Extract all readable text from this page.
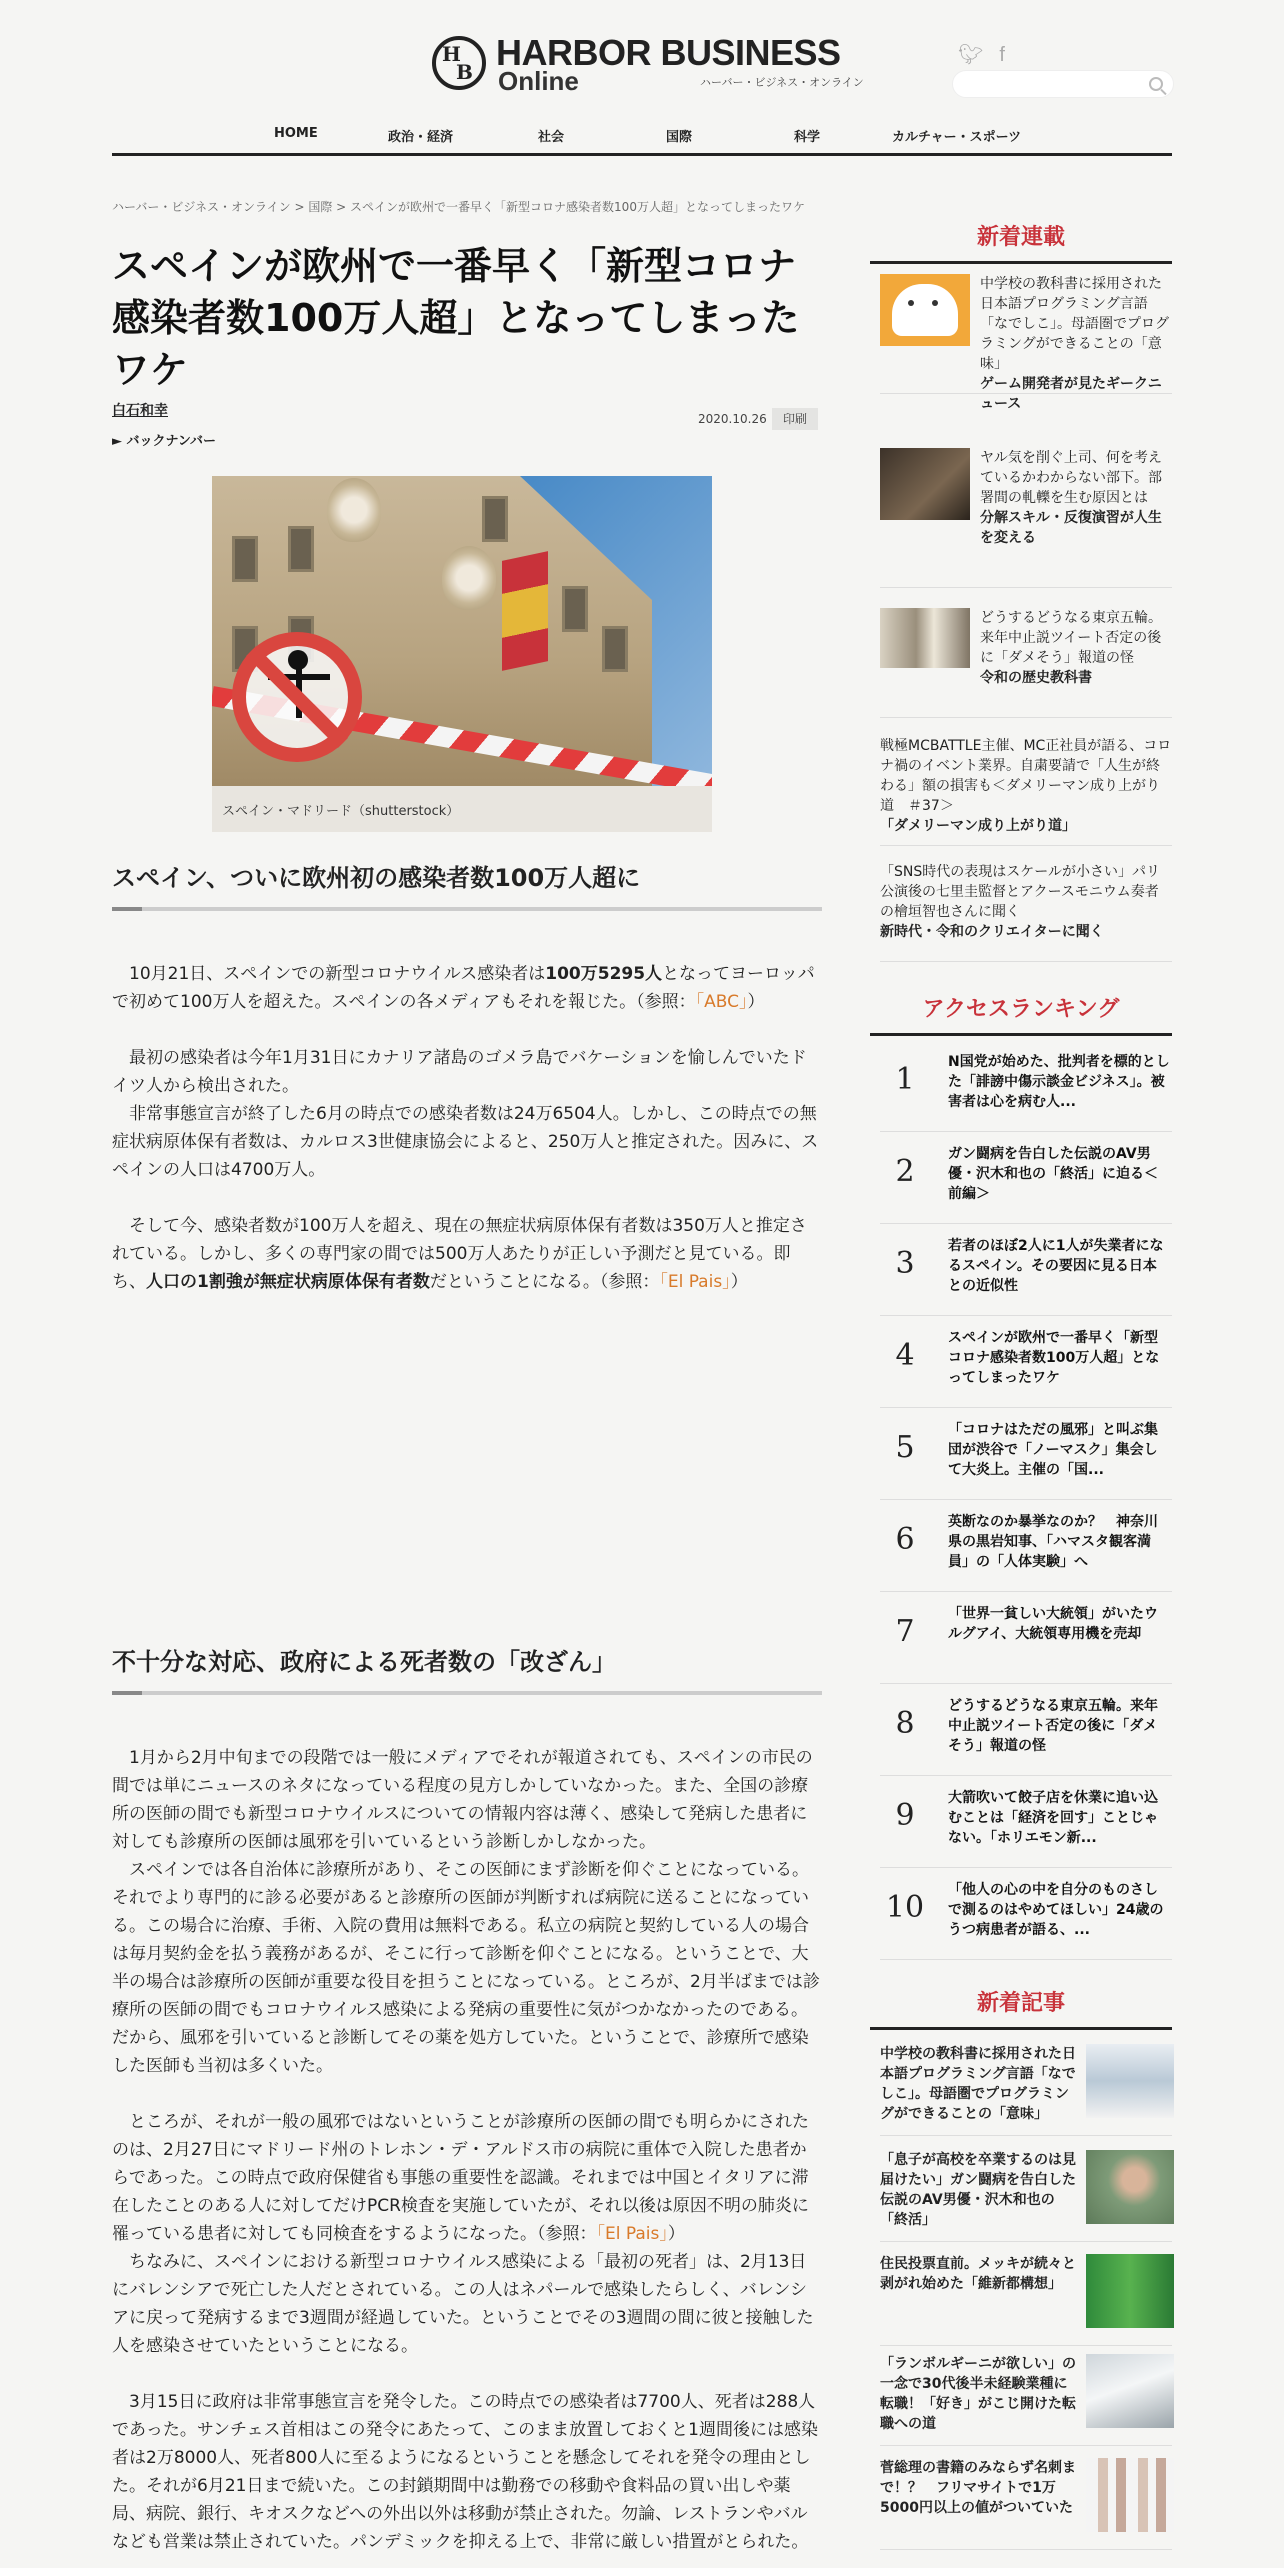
H B
HARBOR BUSINESS
Online	ハーバー・ビジネス・オンライン
🐦︎ f
HOME	政治・経済	社会	国際	科学	カルチャー・スポーツ
ハーバー・ビジネス・オンライン > 国際 > スペインが欧州で一番早く「新型コロナ感染者数100万人超」となってしまったワケ
スペインが欧州で一番早く「新型コロナ感染者数100万人超」となってしまったワケ
白石和幸
► バックナンバー
2020.10.26	印刷
スペイン・マドリード（shutterstock）
スペイン、ついに欧州初の感染者数100万人超に

10月21日、スペインでの新型コロナウイルス感染者は100万5295人となってヨーロッパで初めて100万人を超えた。スペインの各メディアもそれを報じた。（参照：「ABC」）

最初の感染者は今年1月31日にカナリア諸島のゴメラ島でバケーションを愉しんでいたドイツ人から検出された。

非常事態宣言が終了した6月の時点での感染者数は24万6504人。しかし、この時点での無症状病原体保有者数は、カルロス3世健康協会によると、250万人と推定された。因みに、スペインの人口は4700万人。

そして今、感染者数が100万人を超え、現在の無症状病原体保有者数は350万人と推定されている。しかし、多くの専門家の間では500万人あたりが正しい予測だと見ている。即ち、人口の1割強が無症状病原体保有者数だということになる。（参照：「El Pais」）

不十分な対応、政府による死者数の「改ざん」

1月から2月中旬までの段階では一般にメディアでそれが報道されても、スペインの市民の間では単にニュースのネタになっている程度の見方しかしていなかった。また、全国の診療所の医師の間でも新型コロナウイルスについての情報内容は薄く、感染して発病した患者に対しても診療所の医師は風邪を引いているという診断しかしなかった。

スペインでは各自治体に診療所があり、そこの医師にまず診断を仰ぐことになっている。それでより専門的に診る必要があると診療所の医師が判断すれば病院に送ることになっている。この場合に治療、手術、入院の費用は無料である。私立の病院と契約している人の場合は毎月契約金を払う義務があるが、そこに行って診断を仰ぐことになる。ということで、大半の場合は診療所の医師が重要な役目を担うことになっている。ところが、2月半ばまでは診療所の医師の間でもコロナウイルス感染による発病の重要性に気がつかなかったのである。だから、風邪を引いていると診断してその薬を処方していた。ということで、診療所で感染した医師も当初は多くいた。

ところが、それが一般の風邪ではないということが診療所の医師の間でも明らかにされたのは、2月27日にマドリード州のトレホン・デ・アルドス市の病院に重体で入院した患者からであった。この時点で政府保健省も事態の重要性を認識。それまでは中国とイタリアに滞在したことのある人に対してだけPCR検査を実施していたが、それ以後は原因不明の肺炎に罹っている患者に対しても同検査をするようになった。（参照：「El Pais」）

ちなみに、スペインにおける新型コロナウイルス感染による「最初の死者」は、2月13日にバレンシアで死亡した人だとされている。この人はネパールで感染したらしく、バレンシアに戻って発病するまで3週間が経過していた。ということでその3週間の間に彼と接触した人を感染させていたということになる。

3月15日に政府は非常事態宣言を発令した。この時点での感染者は7700人、死者は288人であった。サンチェス首相はこの発令にあたって、このまま放置しておくと1週間後には感染者は2万8000人、死者800人に至るようになるということを懸念してそれを発令の理由とした。それが6月21日まで続いた。この封鎖期間中は勤務での移動や食料品の買い出しや薬局、病院、銀行、キオスクなどへの外出以外は移動が禁止された。勿論、レストランやバルなども営業は禁止されていた。パンデミックを抑える上で、非常に厳しい措置がとられた。

新着連載
中学校の教科書に採用された日本語プログラミング言語「なでしこ」。母語圏でプログラミングができることの「意味」
ゲーム開発者が見たギークニュース
ヤル気を削ぐ上司、何を考えているかわからない部下。部署間の軋轢を生む原因とは
分解スキル・反復演習が人生を変える
どうするどうなる東京五輪。来年中止説ツイート否定の後に「ダメそう」報道の怪
令和の歴史教科書
戦極MCBATTLE主催、MC正社員が語る、コロナ禍のイベント業界。自粛要請で「人生が終わる」額の損害も＜ダメリーマン成り上がり道　＃37＞
「ダメリーマン成り上がり道」
「SNS時代の表現はスケールが小さい」パリ公演後の七里圭監督とアクースモニウム奏者の檜垣智也さんに聞く
新時代・令和のクリエイターに聞く
アクセスランキング
1	N国党が始めた、批判者を標的とした「誹謗中傷示談金ビジネス」。被害者は心を病む人...
2	ガン闘病を告白した伝説のAV男優・沢木和也の「終活」に迫る＜前編＞
3	若者のほぼ2人に1人が失業者になるスペイン。その要因に見る日本との近似性
4	スペインが欧州で一番早く「新型コロナ感染者数100万人超」となってしまったワケ
5	「コロナはただの風邪」と叫ぶ集団が渋谷で「ノーマスク」集会して大炎上。主催の「国...
6	英断なのか暴挙なのか？　神奈川県の黒岩知事、「ハマスタ観客満員」の「人体実験」へ
7	「世界一貧しい大統領」がいたウルグアイ、大統領専用機を売却
8	どうするどうなる東京五輪。来年中止説ツイート否定の後に「ダメそう」報道の怪
9	大箭吹いて餃子店を休業に追い込むことは「経済を回す」ことじゃない。「ホリエモン新...
10	「他人の心の中を自分のものさしで測るのはやめてほしい」24歳のうつ病患者が語る、...
新着記事
中学校の教科書に採用された日本語プログラミング言語「なでしこ」。母語圏でプログラミングができることの「意味」
「息子が高校を卒業するのは見届けたい」ガン闘病を告白した伝説のAV男優・沢木和也の「終活」
住民投票直前。メッキが続々と剥がれ始めた「維新都構想」
「ランボルギーニが欲しい」の一念で30代後半未経験業種に転職！「好き」がこじ開けた転職への道
菅総理の書籍のみならず名刺まで！？　フリマサイトで1万5000円以上の値がついていた
